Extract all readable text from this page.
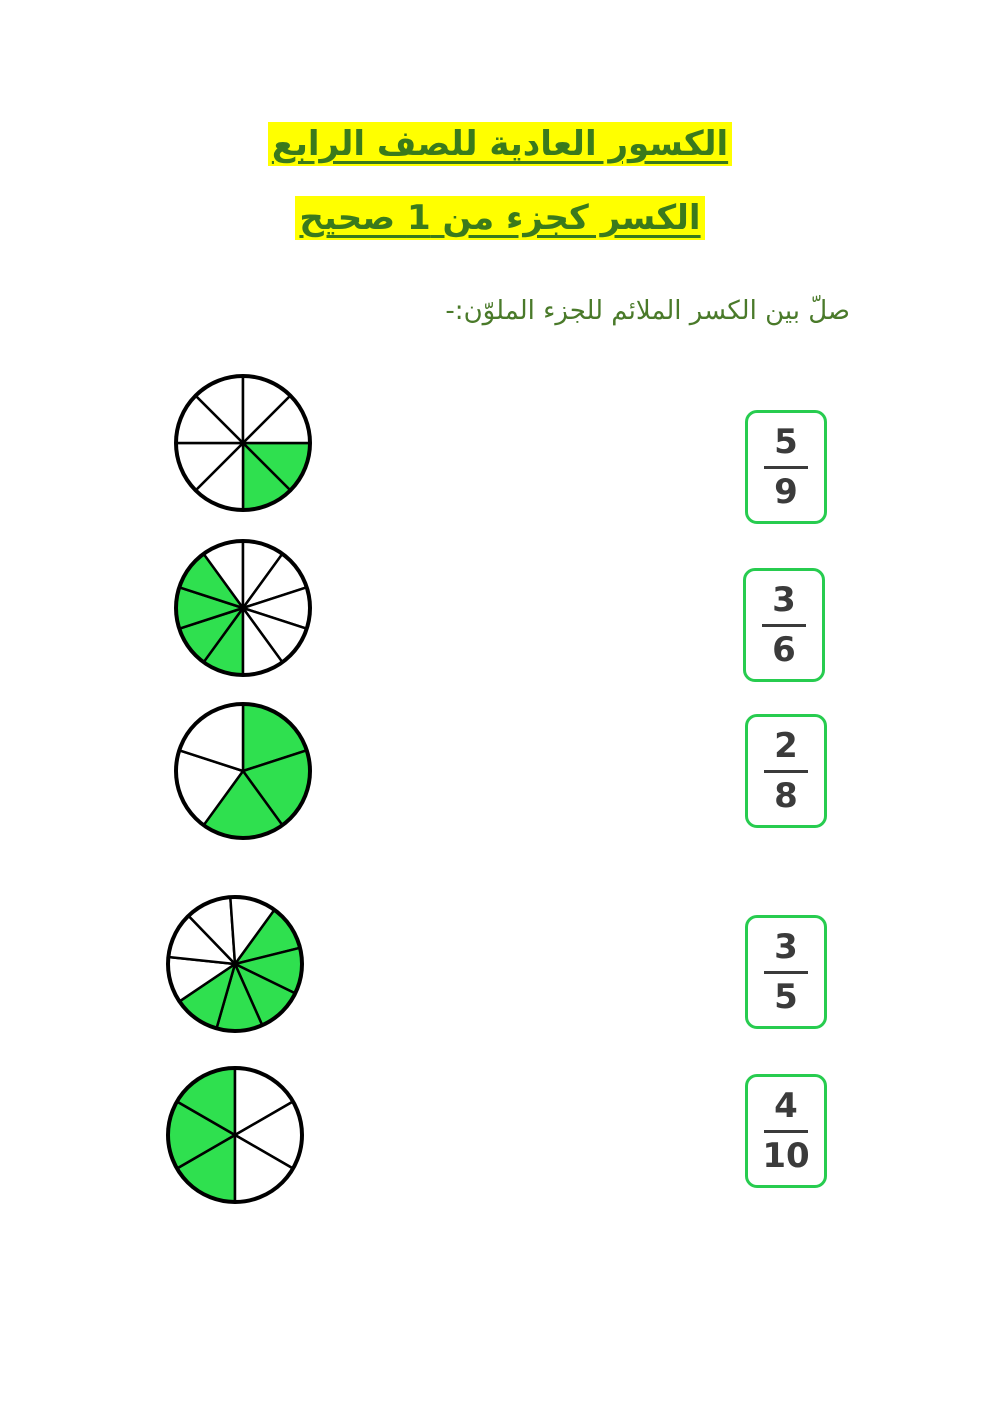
الكسور العادية للصف الرابع
الكسر كجزء من 1 صحيح
صلّ بين الكسر الملائم للجزء الملوّن:-
5
9
3
6
2
8
3
5
4
10
